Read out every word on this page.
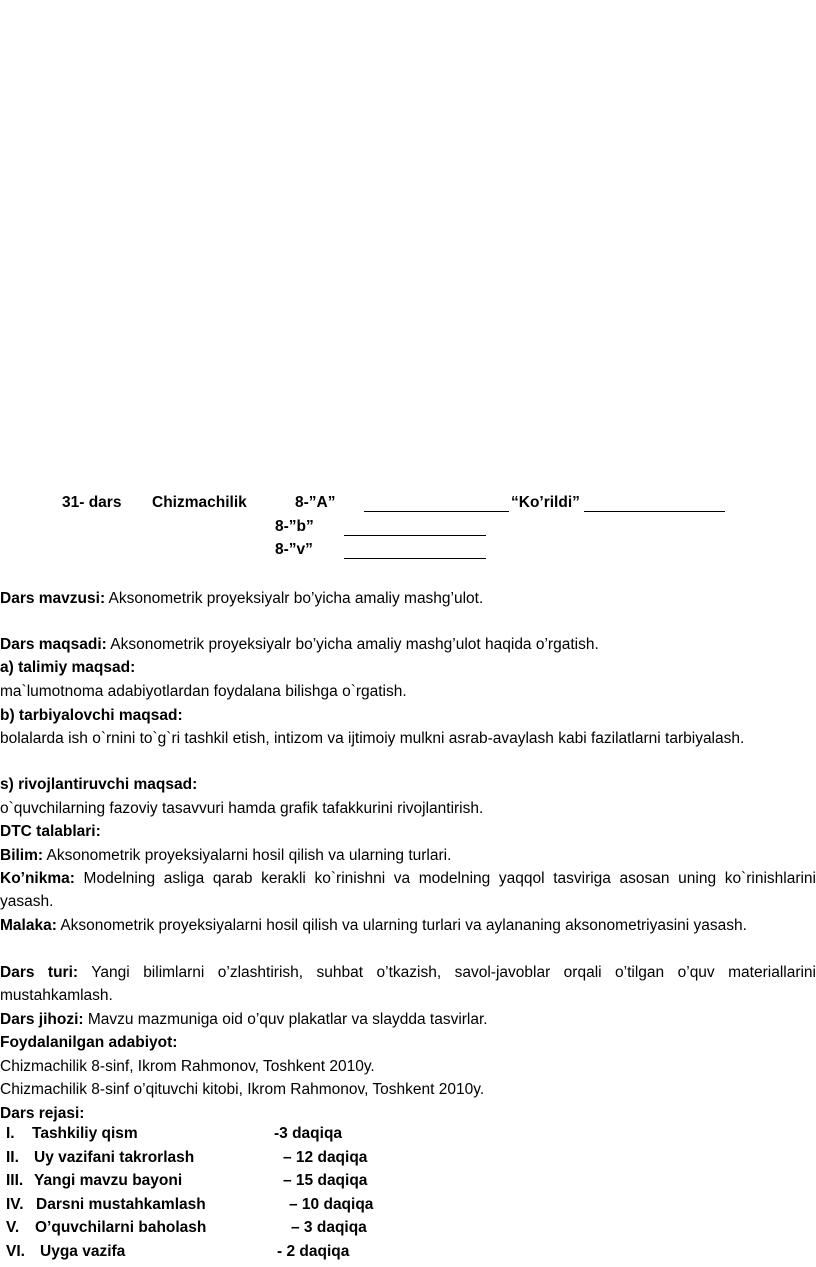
31- dars Chizmachilik	8-”A”	“Ko’rildi”
8-”b”
8-”v”
Dars mavzusi: Aksonometrik proyeksiyalr bo’yicha amaliy mashg’ulot.
Dars maqsadi: Aksonometrik proyeksiyalr bo’yicha amaliy mashg’ulot haqida o’rgatish.
a) talimiy maqsad:
ma`lumotnoma adabiyotlardan foydalana bilishga o`rgatish.
b) tarbiyalovchi maqsad:
bolalarda ish o`rnini to`g`ri tashkil etish, intizom va ijtimoiy mulkni asrab-avaylash kabi fazilatlarni tarbiyalash.
s) rivojlantiruvchi maqsad:
o`quvchilarning fazoviy tasavvuri hamda grafik tafakkurini rivojlantirish.
DTC talablari:
Bilim: Aksonometrik proyeksiyalarni hosil qilish va ularning turlari.
Ko’nikma: Modelning asliga qarab kerakli ko`rinishni va modelning yaqqol tasviriga asosan uning ko`rinishlarini yasash.
Malaka: Aksonometrik proyeksiyalarni hosil qilish va ularning turlari va aylananing aksonometriyasini yasash.
Dars turi: Yangi bilimlarni o’zlashtirish, suhbat o’tkazish, savol-javoblar orqali o’tilgan o’quv materiallarini mustahkamlash.
Dars jihozi: Mavzu mazmuniga oid o’quv plakatlar va slaydda tasvirlar.
Foydalanilgan adabiyot:
Chizmachilik 8-sinf, Ikrom Rahmonov, Toshkent 2010y.
Chizmachilik 8-sinf o’qituvchi kitobi, Ikrom Rahmonov, Toshkent 2010y.
Dars rejasi:
I. Tashkiliy qism	-3 daqiqa
II. Uy vazifani takrorlash	– 12 daqiqa
III. Yangi mavzu bayoni	– 15 daqiqa
IV. Darsni mustahkamlash	– 10 daqiqa
V. O’quvchilarni baholash	– 3 daqiqa
VI. Uyga vazifa	- 2 daqiqa
